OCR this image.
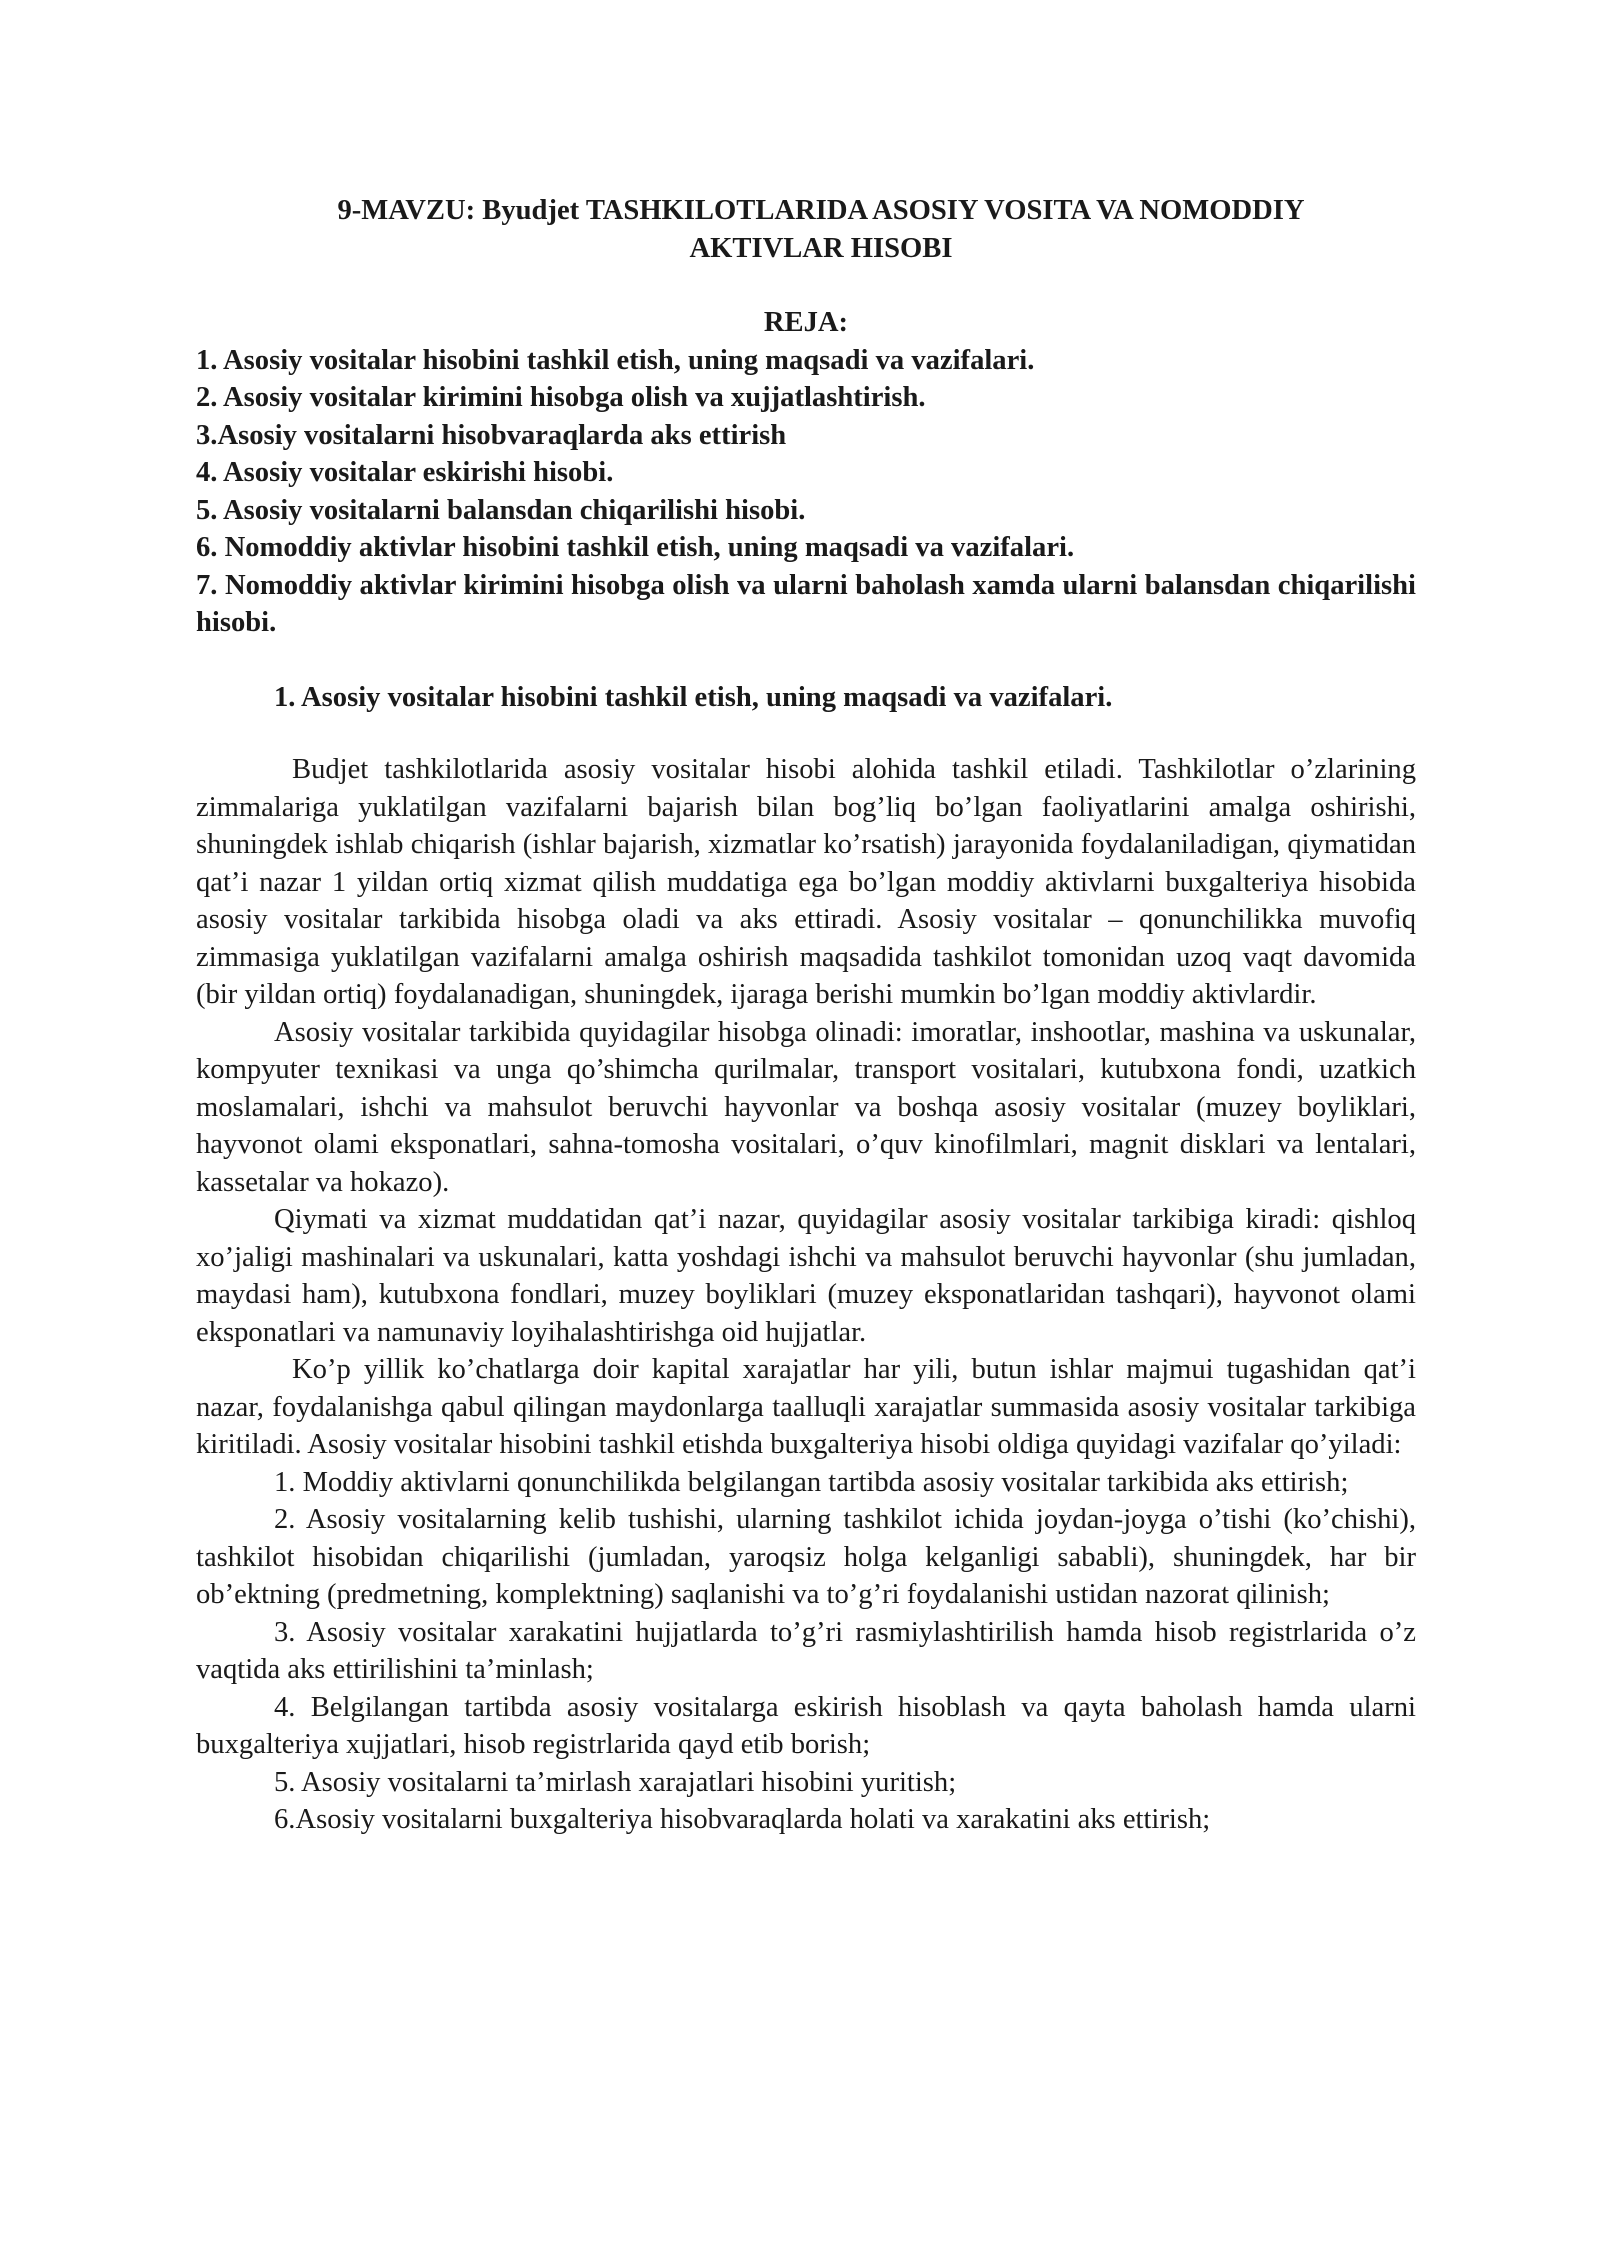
9-MAVZU: Byudjet TASHKILOTLARIDA ASOSIY VOSITA VA NOMODDIY
AKTIVLAR HISOBI
REJA:
1. Asosiy vositalar hisobini tashkil etish, uning maqsadi va vazifalari.
2. Asosiy vositalar kirimini hisobga olish va xujjatlashtirish.
3.Asosiy vositalarni hisobvaraqlarda aks ettirish
4. Asosiy vositalar eskirishi hisobi.
5. Asosiy vositalarni balansdan chiqarilishi hisobi.
6. Nomoddiy aktivlar hisobini tashkil etish, uning maqsadi va vazifalari.
7. Nomoddiy aktivlar kirimini hisobga olish va ularni baholash xamda ularni balansdan chiqarilishi hisobi.
1. Asosiy vositalar hisobini tashkil etish, uning maqsadi va vazifalari.

Budjet tashkilotlarida asosiy vositalar hisobi alohida tashkil etiladi. Tashkilotlar o’zlarining zimmalariga yuklatilgan vazifalarni bajarish bilan bog’liq bo’lgan faoliyatlarini amalga oshirishi, shuningdek ishlab chiqarish (ishlar bajarish, xizmatlar ko’rsatish) jarayonida foydalaniladigan, qiymatidan qat’i nazar 1 yildan ortiq xizmat qilish muddatiga ega bo’lgan moddiy aktivlarni buxgalteriya hisobida asosiy vositalar tarkibida hisobga oladi va aks ettiradi. Asosiy vositalar – qonunchilikka muvofiq zimmasiga yuklatilgan vazifalarni amalga oshirish maqsadida tashkilot tomonidan uzoq vaqt davomida (bir yildan ortiq) foydalanadigan, shuningdek, ijaraga berishi mumkin bo’lgan moddiy aktivlardir.

Asosiy vositalar tarkibida quyidagilar hisobga olinadi: imoratlar, inshootlar, mashina va uskunalar, kompyuter texnikasi va unga qo’shimcha qurilmalar, transport vositalari, kutubxona fondi, uzatkich moslamalari, ishchi va mahsulot beruvchi hayvonlar va boshqa asosiy vositalar (muzey boyliklari, hayvonot olami eksponatlari, sahna-tomosha vositalari, o’quv kinofilmlari, magnit disklari va lentalari, kassetalar va hokazo).

Qiymati va xizmat muddatidan qat’i nazar, quyidagilar asosiy vositalar tarkibiga kiradi: qishloq xo’jaligi mashinalari va uskunalari, katta yoshdagi ishchi va mahsulot beruvchi hayvonlar (shu jumladan, maydasi ham), kutubxona fondlari, muzey boyliklari (muzey eksponatlaridan tashqari), hayvonot olami eksponatlari va namunaviy loyihalashtirishga oid hujjatlar.

Ko’p yillik ko’chatlarga doir kapital xarajatlar har yili, butun ishlar majmui tugashidan qat’i nazar, foydalanishga qabul qilingan maydonlarga taalluqli xarajatlar summasida asosiy vositalar tarkibiga kiritiladi. Asosiy vositalar hisobini tashkil etishda buxgalteriya hisobi oldiga quyidagi vazifalar qo’yiladi:

1. Moddiy aktivlarni qonunchilikda belgilangan tartibda asosiy vositalar tarkibida aks ettirish;

2. Asosiy vositalarning kelib tushishi, ularning tashkilot ichida joydan-joyga o’tishi (ko’chishi), tashkilot hisobidan chiqarilishi (jumladan, yaroqsiz holga kelganligi sababli), shuningdek, har bir ob’ektning (predmetning, komplektning) saqlanishi va to’g’ri foydalanishi ustidan nazorat qilinish;

3. Asosiy vositalar xarakatini hujjatlarda to’g’ri rasmiylashtirilish hamda hisob registrlarida o’z vaqtida aks ettirilishini ta’minlash;

4. Belgilangan tartibda asosiy vositalarga eskirish hisoblash va qayta baholash hamda ularni buxgalteriya xujjatlari, hisob registrlarida qayd etib borish;

5. Asosiy vositalarni ta’mirlash xarajatlari hisobini yuritish;

6.Asosiy vositalarni buxgalteriya hisobvaraqlarda holati va xarakatini aks ettirish;
